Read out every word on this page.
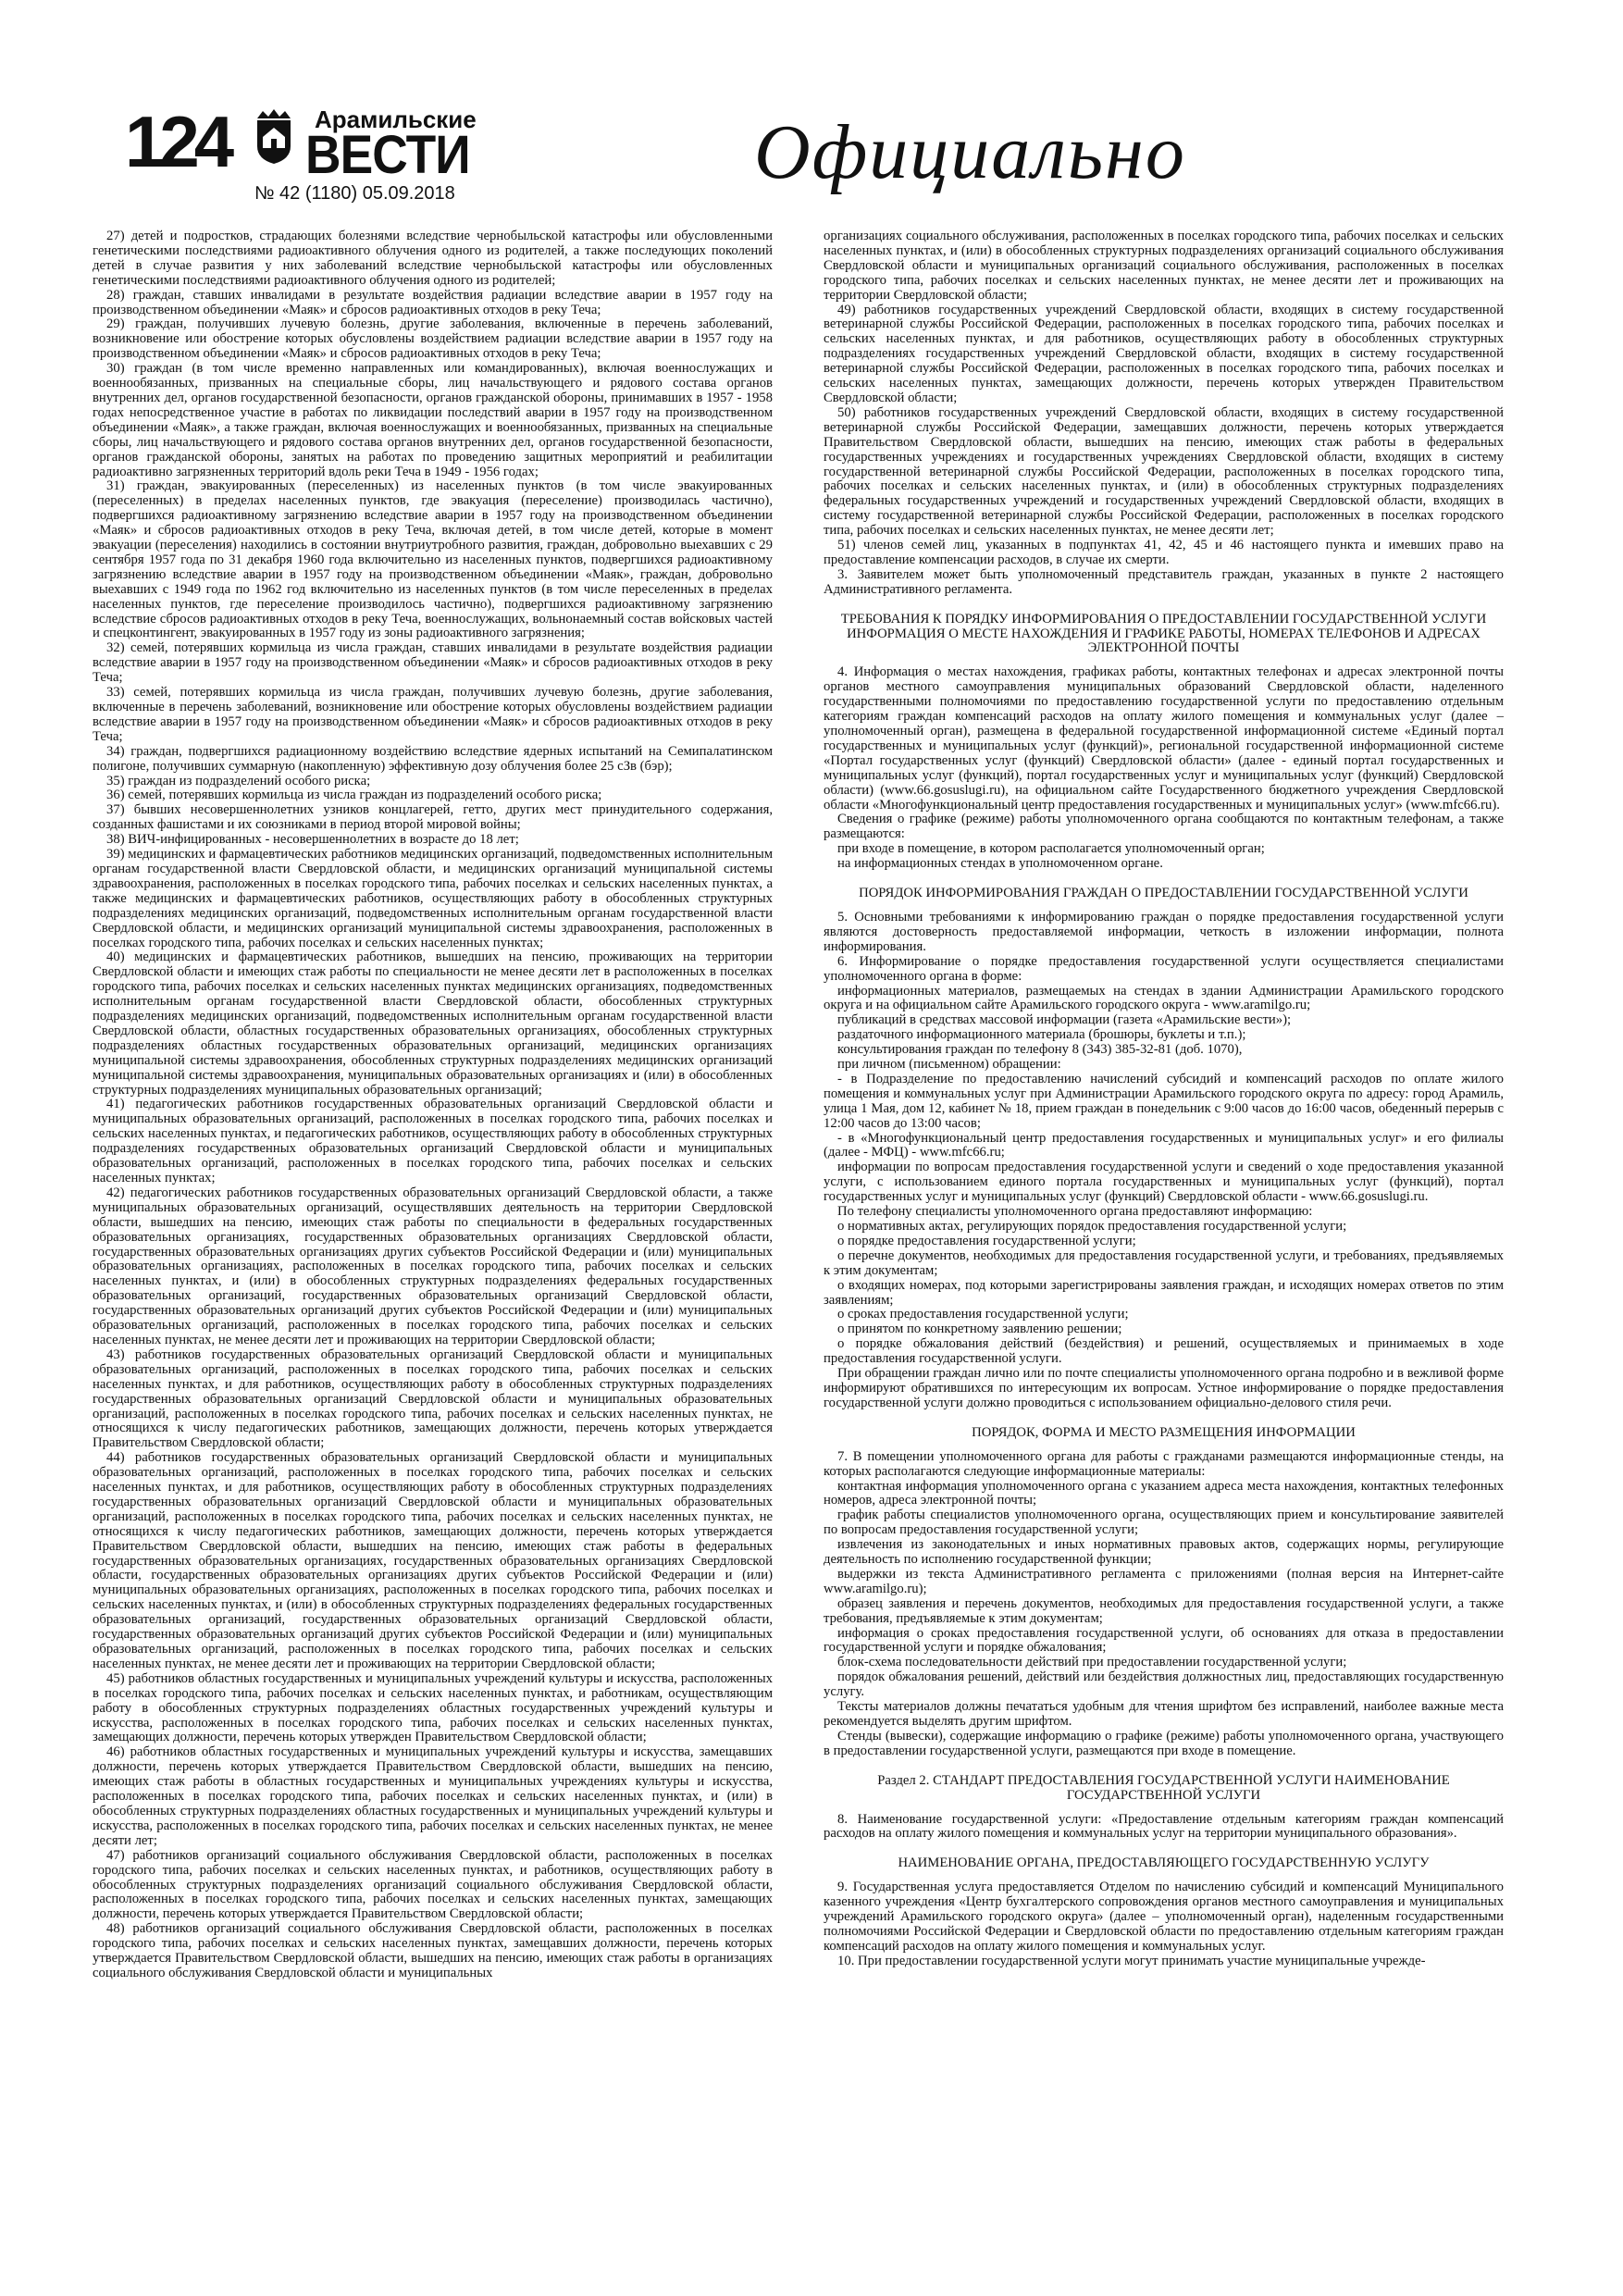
124	Арамильские
ВЕСТИ
№ 42 (1180) 05.09.2018	Официально

27) детей и подростков, страдающих болезнями вследствие чернобыльской катастрофы или обусловленными генетическими последствиями радиоактивного облучения одного из родителей, а также последующих поколений детей в случае развития у них заболеваний вследствие чернобыльской катастрофы или обусловленных генетическими последствиями радиоактивного облучения одного из родителей;

28) граждан, ставших инвалидами в результате воздействия радиации вследствие аварии в 1957 году на производственном объединении «Маяк» и сбросов радиоактивных отходов в реку Теча;

29) граждан, получивших лучевую болезнь, другие заболевания, включенные в перечень заболеваний, возникновение или обострение которых обусловлены воздействием радиации вследствие аварии в 1957 году на производственном объединении «Маяк» и сбросов радиоактивных отходов в реку Теча;

30) граждан (в том числе временно направленных или командированных), включая военнослужащих и военнообязанных, призванных на специальные сборы, лиц начальствующего и рядового состава органов внутренних дел, органов государственной безопасности, органов гражданской обороны, принимавших в 1957 - 1958 годах непосредственное участие в работах по ликвидации последствий аварии в 1957 году на производственном объединении «Маяк», а также граждан, включая военнослужащих и военнообязанных, призванных на специальные сборы, лиц начальствующего и рядового состава органов внутренних дел, органов государственной безопасности, органов гражданской обороны, занятых на работах по проведению защитных мероприятий и реабилитации радиоактивно загрязненных территорий вдоль реки Теча в 1949 - 1956 годах;

31) граждан, эвакуированных (переселенных) из населенных пунктов (в том числе эвакуированных (переселенных) в пределах населенных пунктов, где эвакуация (переселение) производилась частично), подвергшихся радиоактивному загрязнению вследствие аварии в 1957 году на производственном объединении «Маяк» и сбросов радиоактивных отходов в реку Теча, включая детей, в том числе детей, которые в момент эвакуации (переселения) находились в состоянии внутриутробного развития, граждан, добровольно выехавших с 29 сентября 1957 года по 31 декабря 1960 года включительно из населенных пунктов, подвергшихся радиоактивному загрязнению вследствие аварии в 1957 году на производственном объединении «Маяк», граждан, добровольно выехавших с 1949 года по 1962 год включительно из населенных пунктов (в том числе переселенных в пределах населенных пунктов, где переселение производилось частично), подвергшихся радиоактивному загрязнению вследствие сбросов радиоактивных отходов в реку Теча, военнослужащих, вольнонаемный состав войсковых частей и спецконтингент, эвакуированных в 1957 году из зоны радиоактивного загрязнения;

32) семей, потерявших кормильца из числа граждан, ставших инвалидами в результате воздействия радиации вследствие аварии в 1957 году на производственном объединении «Маяк» и сбросов радиоактивных отходов в реку Теча;

33) семей, потерявших кормильца из числа граждан, получивших лучевую болезнь, другие заболевания, включенные в перечень заболеваний, возникновение или обострение которых обусловлены воздействием радиации вследствие аварии в 1957 году на производственном объединении «Маяк» и сбросов радиоактивных отходов в реку Теча;

34) граждан, подвергшихся радиационному воздействию вследствие ядерных испытаний на Семипалатинском полигоне, получивших суммарную (накопленную) эффективную дозу облучения более 25 сЗв (бэр);

35) граждан из подразделений особого риска;

36) семей, потерявших кормильца из числа граждан из подразделений особого риска;

37) бывших несовершеннолетних узников концлагерей, гетто, других мест принудительного содержания, созданных фашистами и их союзниками в период второй мировой войны;

38) ВИЧ-инфицированных - несовершеннолетних в возрасте до 18 лет;

39) медицинских и фармацевтических работников медицинских организаций, подведомственных исполнительным органам государственной власти Свердловской области, и медицинских организаций муниципальной системы здравоохранения, расположенных в поселках городского типа, рабочих поселках и сельских населенных пунктах, а также медицинских и фармацевтических работников, осуществляющих работу в обособленных структурных подразделениях медицинских организаций, подведомственных исполнительным органам государственной власти Свердловской области, и медицинских организаций муниципальной системы здравоохранения, расположенных в поселках городского типа, рабочих поселках и сельских населенных пунктах;

40) медицинских и фармацевтических работников, вышедших на пенсию, проживающих на территории Свердловской области и имеющих стаж работы по специальности не менее десяти лет в расположенных в поселках городского типа, рабочих поселках и сельских населенных пунктах медицинских организациях, подведомственных исполнительным органам государственной власти Свердловской области, обособленных структурных подразделениях медицинских организаций, подведомственных исполнительным органам государственной власти Свердловской области, областных государственных образовательных организациях, обособленных структурных подразделениях областных государственных образовательных организаций, медицинских организациях муниципальной системы здравоохранения, обособленных структурных подразделениях медицинских организаций муниципальной системы здравоохранения, муниципальных образовательных организациях и (или) в обособленных структурных подразделениях муниципальных образовательных организаций;

41) педагогических работников государственных образовательных организаций Свердловской области и муниципальных образовательных организаций, расположенных в поселках городского типа, рабочих поселках и сельских населенных пунктах, и педагогических работников, осуществляющих работу в обособленных структурных подразделениях государственных образовательных организаций Свердловской области и муниципальных образовательных организаций, расположенных в поселках городского типа, рабочих поселках и сельских населенных пунктах;

42) педагогических работников государственных образовательных организаций Свердловской области, а также муниципальных образовательных организаций, осуществлявших деятельность на территории Свердловской области, вышедших на пенсию, имеющих стаж работы по специальности в федеральных государственных образовательных организациях, государственных образовательных организациях Свердловской области, государственных образовательных организациях других субъектов Российской Федерации и (или) муниципальных образовательных организациях, расположенных в поселках городского типа, рабочих поселках и сельских населенных пунктах, и (или) в обособленных структурных подразделениях федеральных государственных образовательных организаций, государственных образовательных организаций Свердловской области, государственных образовательных организаций других субъектов Российской Федерации и (или) муниципальных образовательных организаций, расположенных в поселках городского типа, рабочих поселках и сельских населенных пунктах, не менее десяти лет и проживающих на территории Свердловской области;

43) работников государственных образовательных организаций Свердловской области и муниципальных образовательных организаций, расположенных в поселках городского типа, рабочих поселках и сельских населенных пунктах, и для работников, осуществляющих работу в обособленных структурных подразделениях государственных образовательных организаций Свердловской области и муниципальных образовательных организаций, расположенных в поселках городского типа, рабочих поселках и сельских населенных пунктах, не относящихся к числу педагогических работников, замещающих должности, перечень которых утверждается Правительством Свердловской области;

44) работников государственных образовательных организаций Свердловской области и муниципальных образовательных организаций, расположенных в поселках городского типа, рабочих поселках и сельских населенных пунктах, и для работников, осуществляющих работу в обособленных структурных подразделениях государственных образовательных организаций Свердловской области и муниципальных образовательных организаций, расположенных в поселках городского типа, рабочих поселках и сельских населенных пунктах, не относящихся к числу педагогических работников, замещающих должности, перечень которых утверждается Правительством Свердловской области, вышедших на пенсию, имеющих стаж работы в федеральных государственных образовательных организациях, государственных образовательных организациях Свердловской области, государственных образовательных организациях других субъектов Российской Федерации и (или) муниципальных образовательных организациях, расположенных в поселках городского типа, рабочих поселках и сельских населенных пунктах, и (или) в обособленных структурных подразделениях федеральных государственных образовательных организаций, государственных образовательных организаций Свердловской области, государственных образовательных организаций других субъектов Российской Федерации и (или) муниципальных образовательных организаций, расположенных в поселках городского типа, рабочих поселках и сельских населенных пунктах, не менее десяти лет и проживающих на территории Свердловской области;

45) работников областных государственных и муниципальных учреждений культуры и искусства, расположенных в поселках городского типа, рабочих поселках и сельских населенных пунктах, и работникам, осуществляющим работу в обособленных структурных подразделениях областных государственных учреждений культуры и искусства, расположенных в поселках городского типа, рабочих поселках и сельских населенных пунктах, замещающих должности, перечень которых утвержден Правительством Свердловской области;

46) работников областных государственных и муниципальных учреждений культуры и искусства, замещавших должности, перечень которых утверждается Правительством Свердловской области, вышедших на пенсию, имеющих стаж работы в областных государственных и муниципальных учреждениях культуры и искусства, расположенных в поселках городского типа, рабочих поселках и сельских населенных пунктах, и (или) в обособленных структурных подразделениях областных государственных и муниципальных учреждений культуры и искусства, расположенных в поселках городского типа, рабочих поселках и сельских населенных пунктах, не менее десяти лет;

47) работников организаций социального обслуживания Свердловской области, расположенных в поселках городского типа, рабочих поселках и сельских населенных пунктах, и работников, осуществляющих работу в обособленных структурных подразделениях организаций социального обслуживания Свердловской области, расположенных в поселках городского типа, рабочих поселках и сельских населенных пунктах, замещающих должности, перечень которых утверждается Правительством Свердловской области;

48) работников организаций социального обслуживания Свердловской области, расположенных в поселках городского типа, рабочих поселках и сельских населенных пунктах, замещавших должности, перечень которых утверждается Правительством Свердловской области, вышедших на пенсию, имеющих стаж работы в организациях социального обслуживания Свердловской области и муниципальных

организациях социального обслуживания, расположенных в поселках городского типа, рабочих поселках и сельских населенных пунктах, и (или) в обособленных структурных подразделениях организаций социального обслуживания Свердловской области и муниципальных организаций социального обслуживания, расположенных в поселках городского типа, рабочих поселках и сельских населенных пунктах, не менее десяти лет и проживающих на территории Свердловской области;

49) работников государственных учреждений Свердловской области, входящих в систему государственной ветеринарной службы Российской Федерации, расположенных в поселках городского типа, рабочих поселках и сельских населенных пунктах, и для работников, осуществляющих работу в обособленных структурных подразделениях государственных учреждений Свердловской области, входящих в систему государственной ветеринарной службы Российской Федерации, расположенных в поселках городского типа, рабочих поселках и сельских населенных пунктах, замещающих должности, перечень которых утвержден Правительством Свердловской области;

50) работников государственных учреждений Свердловской области, входящих в систему государственной ветеринарной службы Российской Федерации, замещавших должности, перечень которых утверждается Правительством Свердловской области, вышедших на пенсию, имеющих стаж работы в федеральных государственных учреждениях и государственных учреждениях Свердловской области, входящих в систему государственной ветеринарной службы Российской Федерации, расположенных в поселках городского типа, рабочих поселках и сельских населенных пунктах, и (или) в обособленных структурных подразделениях федеральных государственных учреждений и государственных учреждений Свердловской области, входящих в систему государственной ветеринарной службы Российской Федерации, расположенных в поселках городского типа, рабочих поселках и сельских населенных пунктах, не менее десяти лет;

51) членов семей лиц, указанных в подпунктах 41, 42, 45 и 46 настоящего пункта и имевших право на предоставление компенсации расходов, в случае их смерти.

3. Заявителем может быть уполномоченный представитель граждан, указанных в пункте 2 настоящего Административного регламента.

ТРЕБОВАНИЯ К ПОРЯДКУ ИНФОРМИРОВАНИЯ О ПРЕДОСТАВЛЕНИИ ГОСУДАРСТВЕННОЙ УСЛУГИ ИНФОРМАЦИЯ О МЕСТЕ НАХОЖДЕНИЯ И ГРАФИКЕ РАБОТЫ, НОМЕРАХ ТЕЛЕФОНОВ И АДРЕСАХ ЭЛЕКТРОННОЙ ПОЧТЫ

4. Информация о местах нахождения, графиках работы, контактных телефонах и адресах электронной почты органов местного самоуправления муниципальных образований Свердловской области, наделенного государственными полномочиями по предоставлению государственной услуги по предоставлению отдельным категориям граждан компенсаций расходов на оплату жилого помещения и коммунальных услуг (далее – уполномоченный орган), размещена в федеральной государственной информационной системе «Единый портал государственных и муниципальных услуг (функций)», региональной государственной информационной системе «Портал государственных услуг (функций) Свердловской области» (далее - единый портал государственных и муниципальных услуг (функций), портал государственных услуг и муниципальных услуг (функций) Свердловской области) (www.66.gosuslugi.ru), на официальном сайте Государственного бюджетного учреждения Свердловской области «Многофункциональный центр предоставления государственных и муниципальных услуг» (www.mfc66.ru).

Сведения о графике (режиме) работы уполномоченного органа сообщаются по контактным телефонам, а также размещаются:

при входе в помещение, в котором располагается уполномоченный орган;

на информационных стендах в уполномоченном органе.

ПОРЯДОК ИНФОРМИРОВАНИЯ ГРАЖДАН О ПРЕДОСТАВЛЕНИИ ГОСУДАРСТВЕННОЙ УСЛУГИ

5. Основными требованиями к информированию граждан о порядке предоставления государственной услуги являются достоверность предоставляемой информации, четкость в изложении информации, полнота информирования.

6. Информирование о порядке предоставления государственной услуги осуществляется специалистами уполномоченного органа в форме:

информационных материалов, размещаемых на стендах в здании Администрации Арамильского городского округа и на официальном сайте Арамильского городского округа - www.aramilgo.ru;

публикаций в средствах массовой информации (газета «Арамильские вести»);

раздаточного информационного материала (брошюры, буклеты и т.п.);

консультирования граждан по телефону 8 (343) 385-32-81 (доб. 1070),

при личном (письменном) обращении:

- в Подразделение по предоставлению начислений субсидий и компенсаций расходов по оплате жилого помещения и коммунальных услуг при Администрации Арамильского городского округа по адресу: город Арамиль, улица 1 Мая, дом 12, кабинет № 18, прием граждан в понедельник с 9:00 часов до 16:00 часов, обеденный перерыв с 12:00 часов до 13:00 часов;

- в «Многофункциональный центр предоставления государственных и муниципальных услуг» и его филиалы (далее - МФЦ) - www.mfc66.ru;

информации по вопросам предоставления государственной услуги и сведений о ходе предоставления указанной услуги, с использованием единого портала государственных и муниципальных услуг (функций), портал государственных услуг и муниципальных услуг (функций) Свердловской области - www.66.gosuslugi.ru.

По телефону специалисты уполномоченного органа предоставляют информацию:

о нормативных актах, регулирующих порядок предоставления государственной услуги;

о порядке предоставления государственной услуги;

о перечне документов, необходимых для предоставления государственной услуги, и требованиях, предъявляемых к этим документам;

о входящих номерах, под которыми зарегистрированы заявления граждан, и исходящих номерах ответов по этим заявлениям;

о сроках предоставления государственной услуги;

о принятом по конкретному заявлению решении;

о порядке обжалования действий (бездействия) и решений, осуществляемых и принимаемых в ходе предоставления государственной услуги.

При обращении граждан лично или по почте специалисты уполномоченного органа подробно и в вежливой форме информируют обратившихся по интересующим их вопросам. Устное информирование о порядке предоставления государственной услуги должно проводиться с использованием официально-делового стиля речи.

ПОРЯДОК, ФОРМА И МЕСТО РАЗМЕЩЕНИЯ ИНФОРМАЦИИ

7. В помещении уполномоченного органа для работы с гражданами размещаются информационные стенды, на которых располагаются следующие информационные материалы:

контактная информация уполномоченного органа с указанием адреса места нахождения, контактных телефонных номеров, адреса электронной почты;

график работы специалистов уполномоченного органа, осуществляющих прием и консультирование заявителей по вопросам предоставления государственной услуги;

извлечения из законодательных и иных нормативных правовых актов, содержащих нормы, регулирующие деятельность по исполнению государственной функции;

выдержки из текста Административного регламента с приложениями (полная версия на Интернет-сайте www.aramilgo.ru);

образец заявления и перечень документов, необходимых для предоставления государственной услуги, а также требования, предъявляемые к этим документам;

информация о сроках предоставления государственной услуги, об основаниях для отказа в предоставлении государственной услуги и порядке обжалования;

блок-схема последовательности действий при предоставлении государственной услуги;

порядок обжалования решений, действий или бездействия должностных лиц, предоставляющих государственную услугу.

Тексты материалов должны печататься удобным для чтения шрифтом без исправлений, наиболее важные места рекомендуется выделять другим шрифтом.

Стенды (вывески), содержащие информацию о графике (режиме) работы уполномоченного органа, участвующего в предоставлении государственной услуги, размещаются при входе в помещение.

Раздел 2. СТАНДАРТ ПРЕДОСТАВЛЕНИЯ ГОСУДАРСТВЕННОЙ УСЛУГИ НАИМЕНОВАНИЕ ГОСУДАРСТВЕННОЙ УСЛУГИ

8. Наименование государственной услуги: «Предоставление отдельным категориям граждан компенсаций расходов на оплату жилого помещения и коммунальных услуг на территории муниципального образования».

НАИМЕНОВАНИЕ ОРГАНА, ПРЕДОСТАВЛЯЮЩЕГО ГОСУДАРСТВЕННУЮ УСЛУГУ

9. Государственная услуга предоставляется Отделом по начислению субсидий и компенсаций Муниципального казенного учреждения «Центр бухгалтерского сопровождения органов местного самоуправления и муниципальных учреждений Арамильского городского округа» (далее – уполномоченный орган), наделенным государственными полномочиями Российской Федерации и Свердловской области по предоставлению отдельным категориям граждан компенсаций расходов на оплату жилого помещения и коммунальных услуг.

10. При предоставлении государственной услуги могут принимать участие муниципальные учрежде-
